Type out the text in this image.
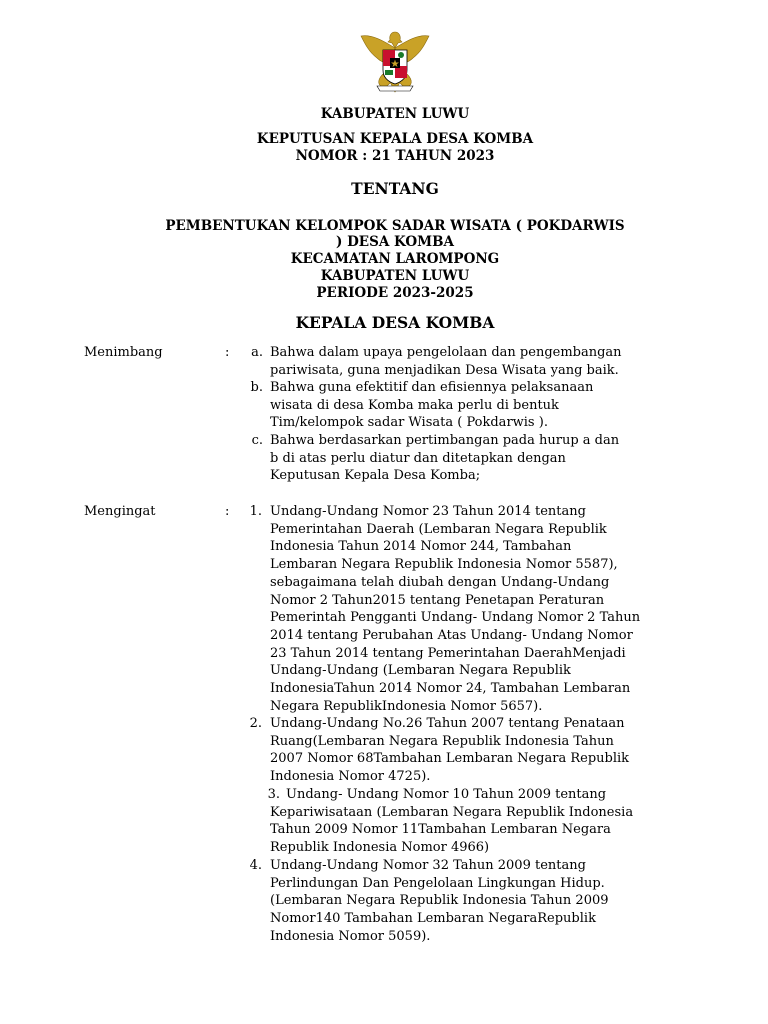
KABUPATEN LUWU
KEPUTUSAN KEPALA DESA KOMBA
NOMOR : 21 TAHUN 2023
TENTANG
PEMBENTUKAN KELOMPOK SADAR WISATA ( POKDARWIS
) DESA KOMBA
KECAMATAN LAROMPONG
KABUPATEN LUWU
PERIODE 2023-2025
KEPALA DESA KOMBA
Menimbang	:	a. Bahwa dalam upaya pengelolaan dan pengembangan
pariwisata, guna menjadikan Desa Wisata yang baik.
b. Bahwa guna efektitif dan efisiennya pelaksanaan
wisata di desa Komba maka perlu di bentuk
Tim/kelompok sadar Wisata ( Pokdarwis ).
c. Bahwa berdasarkan pertimbangan pada hurup a dan
b di atas perlu diatur dan ditetapkan dengan
Keputusan Kepala Desa Komba;
Mengingat	:	1. Undang-Undang Nomor 23 Tahun 2014 tentang
Pemerintahan Daerah (Lembaran Negara Republik
Indonesia Tahun 2014 Nomor 244, Tambahan
Lembaran Negara Republik Indonesia Nomor 5587),
sebagaimana telah diubah dengan Undang-Undang
Nomor 2 Tahun2015 tentang Penetapan Peraturan
Pemerintah Pengganti Undang- Undang Nomor 2 Tahun
2014 tentang Perubahan Atas Undang- Undang Nomor
23 Tahun 2014 tentang Pemerintahan DaerahMenjadi
Undang-Undang (Lembaran Negara Republik
IndonesiaTahun 2014 Nomor 24, Tambahan Lembaran
Negara RepublikIndonesia Nomor 5657).
2. Undang-Undang No.26 Tahun 2007 tentang Penataan
Ruang(Lembaran Negara Republik Indonesia Tahun
2007 Nomor 68Tambahan Lembaran Negara Republik
Indonesia Nomor 4725).
3. Undang- Undang Nomor 10 Tahun 2009 tentang
Kepariwisataan (Lembaran Negara Republik Indonesia
Tahun 2009 Nomor 11Tambahan Lembaran Negara
Republik Indonesia Nomor 4966)
4. Undang-Undang Nomor 32 Tahun 2009 tentang
Perlindungan Dan Pengelolaan Lingkungan Hidup.
(Lembaran Negara Republik Indonesia Tahun 2009
Nomor140 Tambahan Lembaran NegaraRepublik
Indonesia Nomor 5059).
